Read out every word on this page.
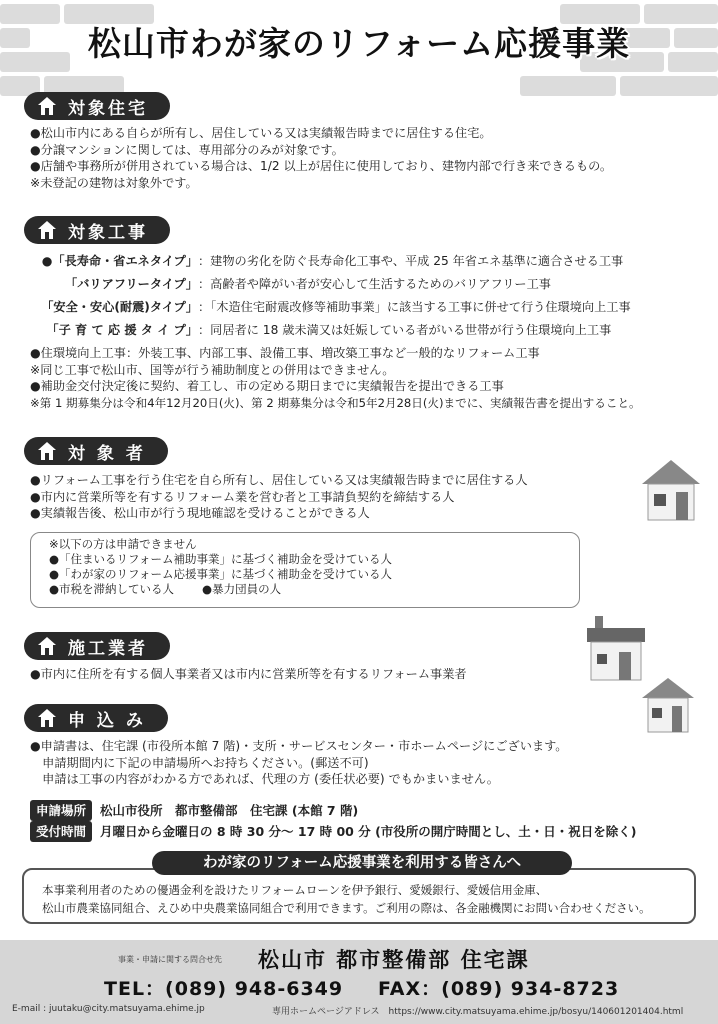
松山市わが家のリフォーム応援事業
対象住宅
●松山市内にある自らが所有し、居住している又は実績報告時までに居住する住宅。
●分譲マンションに関しては、専用部分のみが対象です。
●店舗や事務所が併用されている場合は、1/2 以上が居住に使用しており、建物内部で行き来できるもの。
※未登記の建物は対象外です。
対象工事
●「長寿命・省エネタイプ」 ：建物の劣化を防ぐ長寿命化工事や、平成 25 年省エネ基準に適合させる工事
「バリアフリータイプ」 ：高齢者や障がい者が安心して生活するためのバリアフリー工事
「安全・安心(耐震)タイプ」 ：「木造住宅耐震改修等補助事業」に該当する工事に併せて行う住環境向上工事
「子 育 て 応 援 タ イ プ」 ：同居者に 18 歳未満又は妊娠している者がいる世帯が行う住環境向上工事
●住環境向上工事：外装工事、内部工事、設備工事、増改築工事など一般的なリフォーム工事
※同じ工事で松山市、国等が行う補助制度との併用はできません。
●補助金交付決定後に契約、着工し、市の定める期日までに実績報告を提出できる工事
※第 1 期募集分は令和4年12月20日(火)、第 2 期募集分は令和5年2月28日(火)までに、実績報告書を提出すること。
対 象 者
●リフォーム工事を行う住宅を自ら所有し、居住している又は実績報告時までに居住する人
●市内に営業所等を有するリフォーム業を営む者と工事請負契約を締結する人
●実績報告後、松山市が行う現地確認を受けることができる人
※以下の方は申請できません
●「住まいるリフォーム補助事業」に基づく補助金を受けている人
●「わが家のリフォーム応援事業」に基づく補助金を受けている人
●市税を滞納している人 ●暴力団員の人
施工業者
●市内に住所を有する個人事業者又は市内に営業所等を有するリフォーム事業者
申 込 み
●申請書は、住宅課 (市役所本館 7 階)・支所・サービスセンター・市ホームページにございます。
　申請期間内に下記の申請場所へお持ちください。(郵送不可)
　申請は工事の内容がわかる方であれば、代理の方 (委任状必要) でもかまいません。
申請場所 松山市役所　都市整備部　住宅課 (本館 7 階)
受付時間 月曜日から金曜日の 8 時 30 分～ 17 時 00 分 (市役所の開庁時間とし、土・日・祝日を除く)
本事業利用者のための優遇金利を設けたリフォームローンを伊予銀行、愛媛銀行、愛媛信用金庫、
松山市農業協同組合、えひめ中央農業協同組合で利用できます。ご利用の際は、各金融機関にお問い合わせください。
わが家のリフォーム応援事業を利用する皆さんへ
事業・申請に関する問合せ先 松山市 都市整備部 住宅課
TEL：(089) 948-6349 FAX：(089) 934-8723
E-mail : juutaku@city.matsuyama.ehime.jp	専用ホームページアドレス　https://www.city.matsuyama.ehime.jp/bosyu/140601201404.html
